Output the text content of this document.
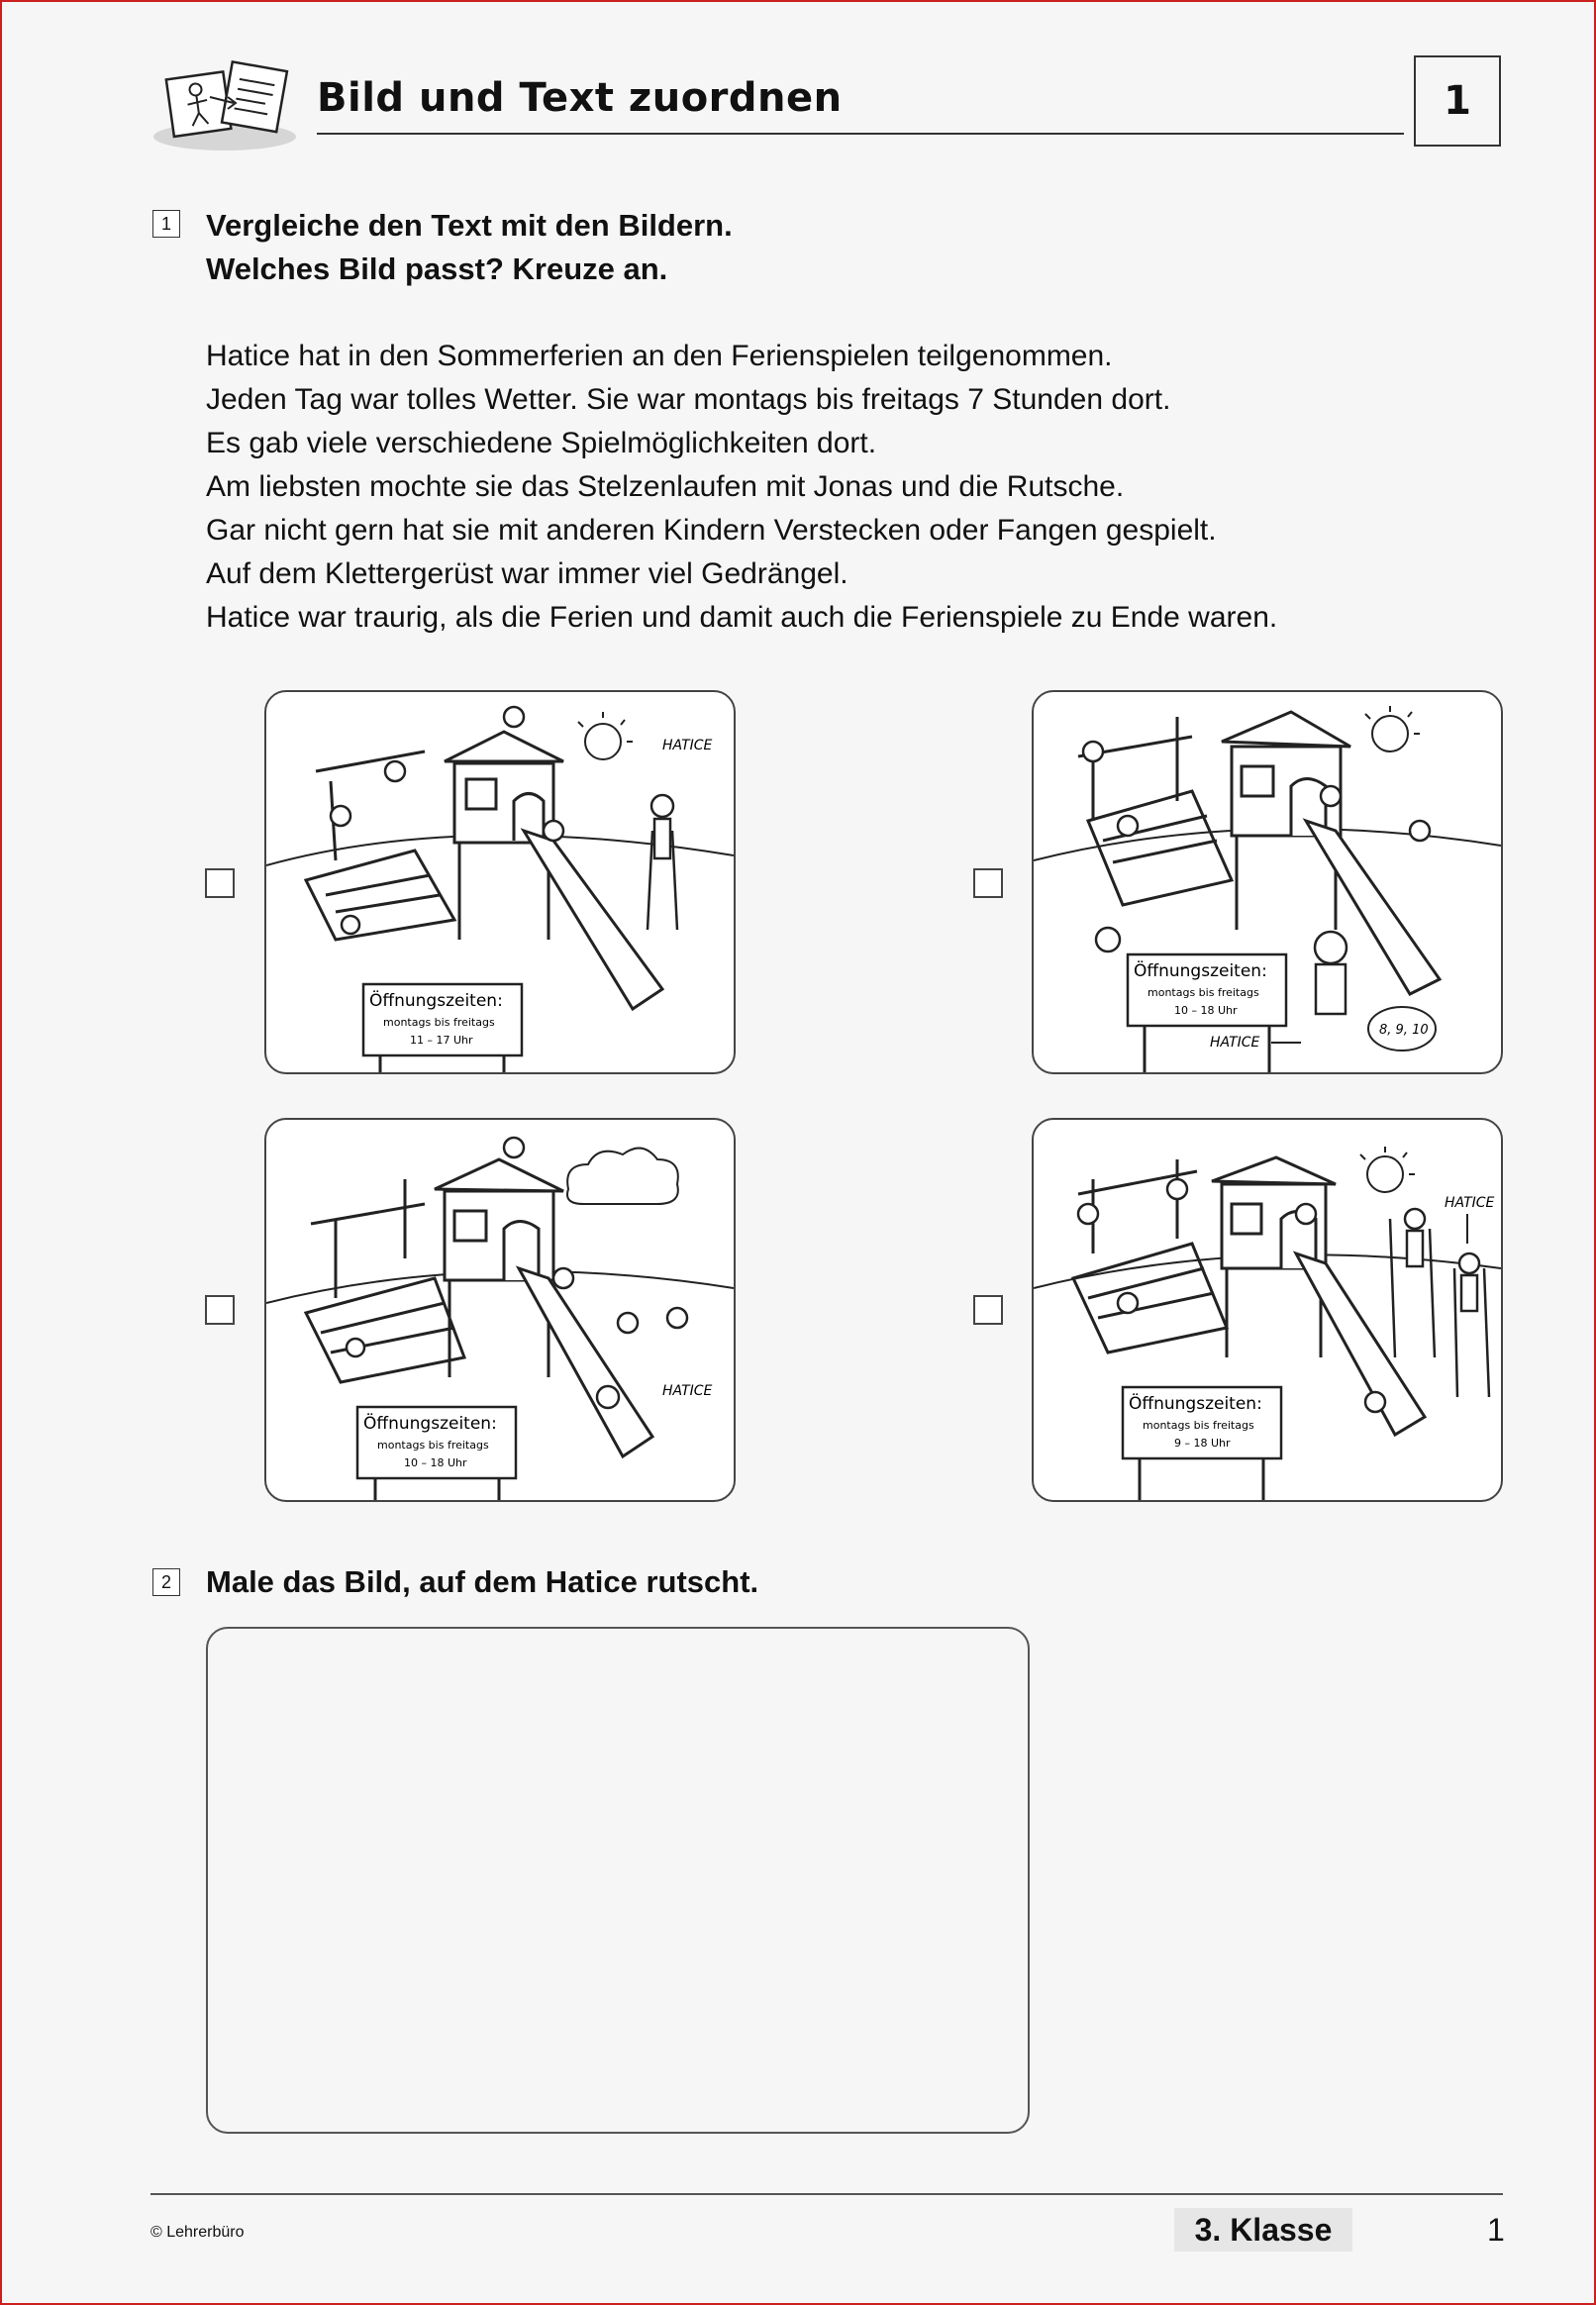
Bild und Text zuordnen	1
1 Vergleiche den Text mit den Bildern.
Welches Bild passt? Kreuze an.
Hatice hat in den Sommerferien an den Ferienspielen teilgenommen.
Jeden Tag war tolles Wetter. Sie war montags bis freitags 7 Stunden dort.
Es gab viele verschiedene Spielmöglichkeiten dort.
Am liebsten mochte sie das Stelzenlaufen mit Jonas und die Rutsche.
Gar nicht gern hat sie mit anderen Kindern Verstecken oder Fangen gespielt.
Auf dem Klettergerüst war immer viel Gedrängel.
Hatice war traurig, als die Ferien und damit auch die Ferienspiele zu Ende waren.
HATICE
Öffnungszeiten:
montags bis freitags
11 – 17 Uhr
Öffnungszeiten:
montags bis freitags
10 – 18 Uhr
HATICE
8, 9, 10
HATICE
Öffnungszeiten:
montags bis freitags
10 – 18 Uhr
HATICE
Öffnungszeiten:
montags bis freitags
9 – 18 Uhr
2 Male das Bild, auf dem Hatice rutscht.
© Lehrerbüro	3. Klasse	1
